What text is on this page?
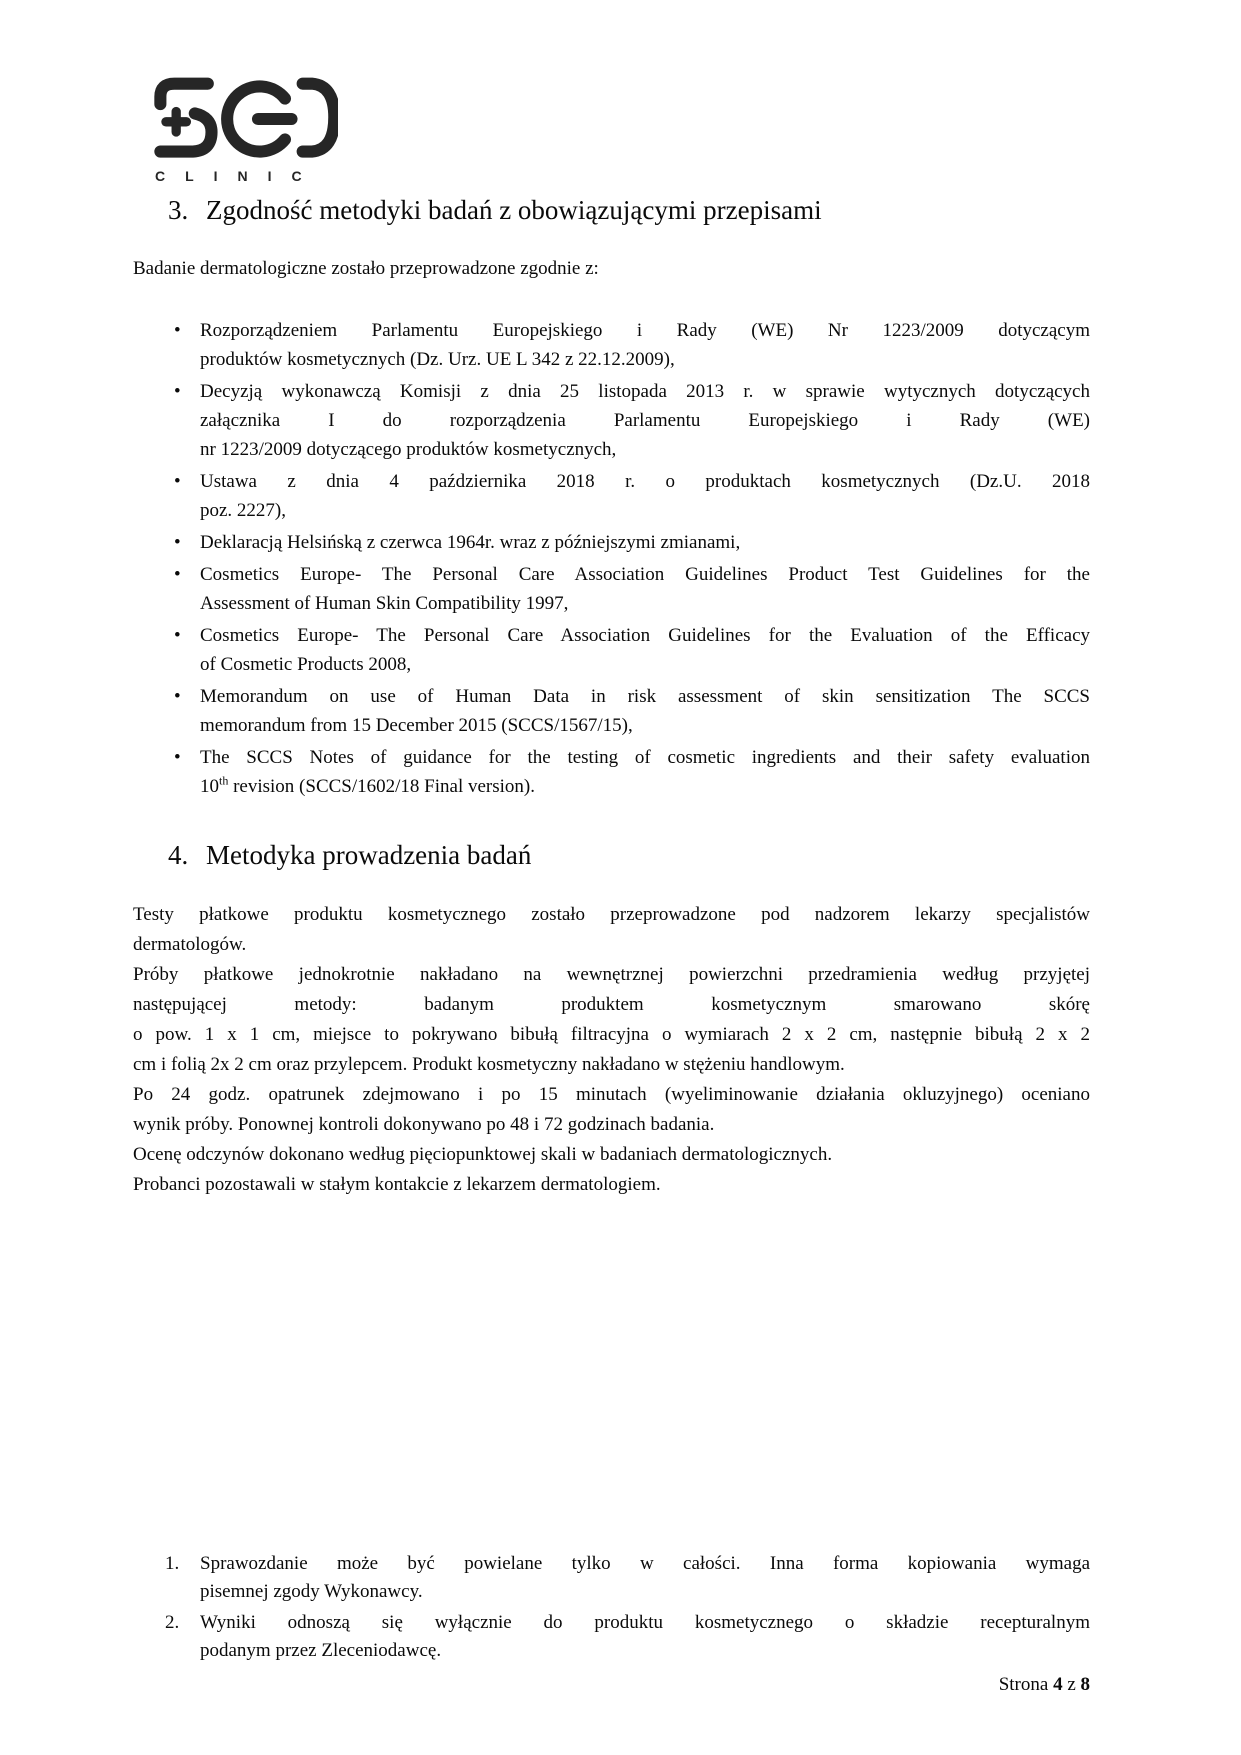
CLINIC
3. Zgodność metodyki badań z obowiązującymi przepisami

Badanie dermatologiczne zostało przeprowadzone zgodnie z:

•	Rozporządzeniem Parlamentu Europejskiego i Rady (WE) Nr 1223/2009 dotyczącym
produktów kosmetycznych (Dz. Urz. UE L 342 z 22.12.2009),
•	Decyzją wykonawczą Komisji z dnia 25 listopada 2013 r. w sprawie wytycznych dotyczących
załącznika I do rozporządzenia Parlamentu Europejskiego i Rady (WE)
nr 1223/2009 dotyczącego produktów kosmetycznych,
•	Ustawa z dnia 4 października 2018 r. o produktach kosmetycznych (Dz.U. 2018
poz. 2227),
•	Deklaracją Helsińską z czerwca 1964r. wraz z późniejszymi zmianami,
•	Cosmetics Europe- The Personal Care Association Guidelines Product Test Guidelines for the
Assessment of Human Skin Compatibility 1997,
•	Cosmetics Europe- The Personal Care Association Guidelines for the Evaluation of the Efficacy
of Cosmetic Products 2008,
•	Memorandum on use of Human Data in risk assessment of skin sensitization The SCCS
memorandum from 15 December 2015 (SCCS/1567/15),
•	The SCCS Notes of guidance for the testing of cosmetic ingredients and their safety evaluation
10th revision (SCCS/1602/18 Final version).
4. Metodyka prowadzenia badań

Testy płatkowe produktu kosmetycznego zostało przeprowadzone pod nadzorem lekarzy specjalistów
dermatologów.

Próby płatkowe jednokrotnie nakładano na wewnętrznej powierzchni przedramienia według przyjętej
następującej metody: badanym produktem kosmetycznym smarowano skórę
o pow. 1 x 1 cm, miejsce to pokrywano bibułą filtracyjna o wymiarach 2 x 2 cm, następnie bibułą 2 x 2
cm i folią 2x 2 cm oraz przylepcem. Produkt kosmetyczny nakładano w stężeniu handlowym.

Po 24 godz. opatrunek zdejmowano i po 15 minutach (wyeliminowanie działania okluzyjnego) oceniano
wynik próby. Ponownej kontroli dokonywano po 48 i 72 godzinach badania.

Ocenę odczynów dokonano według pięciopunktowej skali w badaniach dermatologicznych.

Probanci pozostawali w stałym kontakcie z lekarzem dermatologiem.

1.	Sprawozdanie może być powielane tylko w całości. Inna forma kopiowania wymaga
pisemnej zgody Wykonawcy.
2.	Wyniki odnoszą się wyłącznie do produktu kosmetycznego o składzie recepturalnym
podanym przez Zleceniodawcę.
Strona 4 z 8
